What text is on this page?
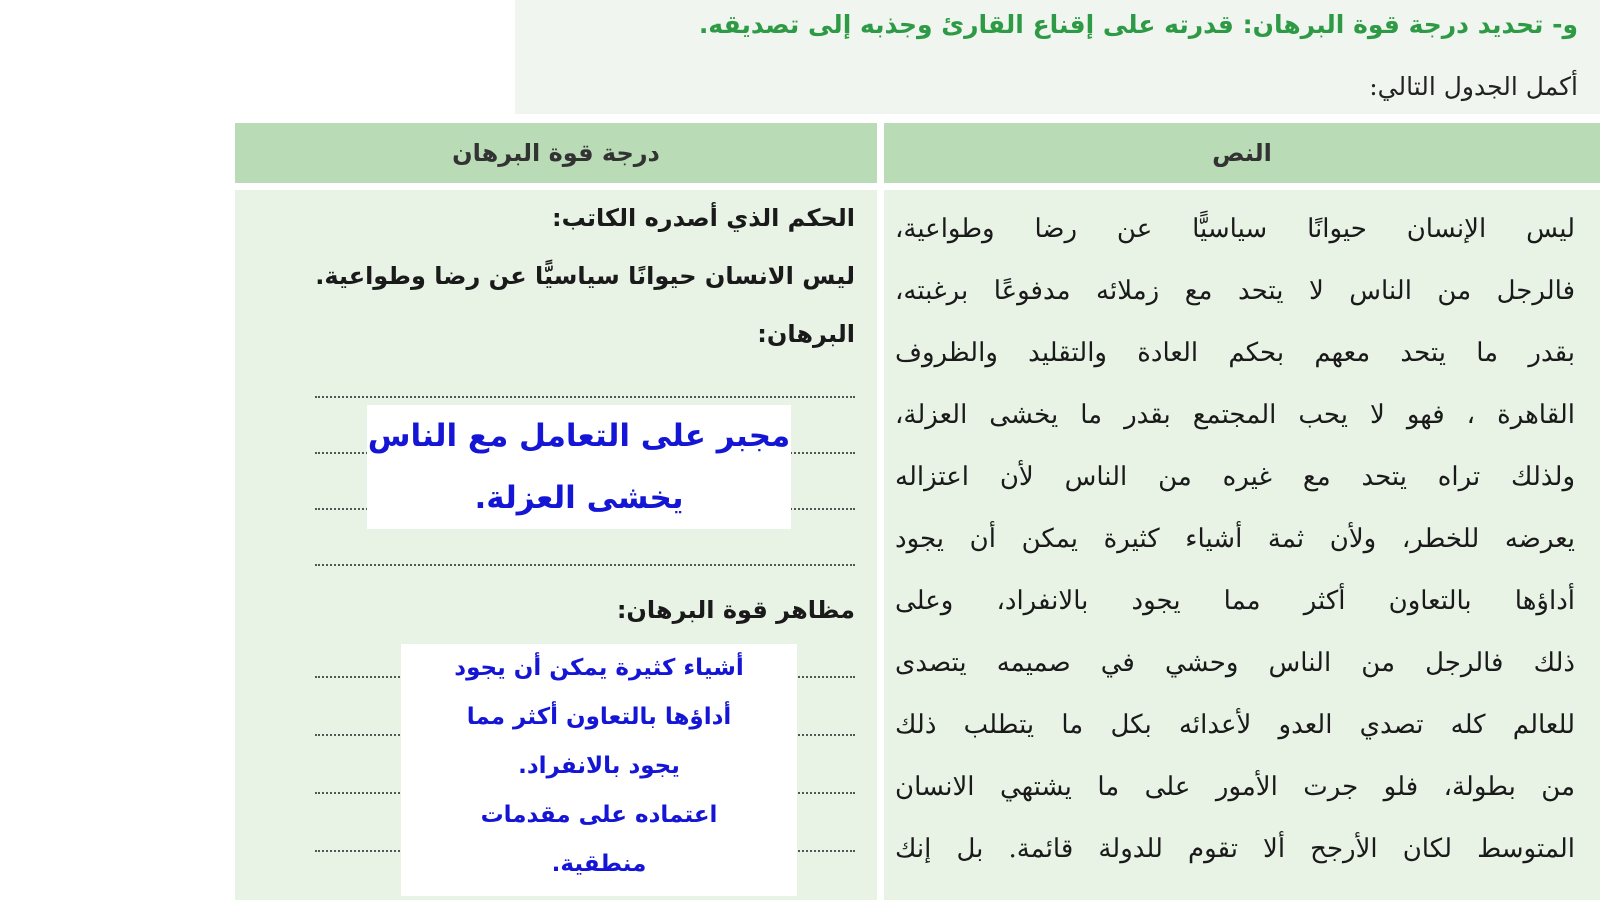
و- تحديد درجة قوة البرهان: قدرته على إقناع القارئ وجذبه إلى تصديقه.
أكمل الجدول التالي:
النص
درجة قوة البرهان
ليس الإنسان حيوانًا سياسيًّا عن رضا وطواعية،
فالرجل من الناس لا يتحد مع زملائه مدفوعًا برغبته،
بقدر ما يتحد معهم بحكم العادة والتقليد والظروف
القاهرة ، فهو لا يحب المجتمع بقدر ما يخشى العزلة،
ولذلك تراه يتحد مع غيره من الناس لأن اعتزاله
يعرضه للخطر، ولأن ثمة أشياء كثيرة يمكن أن يجود
أداؤها بالتعاون أكثر مما يجود بالانفراد، وعلى
ذلك فالرجل من الناس وحشي في صميمه يتصدى
للعالم كله تصدي العدو لأعدائه بكل ما يتطلب ذلك
من بطولة، فلو جرت الأمور على ما يشتهي الانسان
المتوسط لكان الأرجح ألا تقوم للدولة قائمة. بل إنك
الحكم الذي أصدره الكاتب:
ليس الانسان حيوانًا سياسيًّا عن رضا وطواعية.
البرهان:
مجبر على التعامل مع الناس
يخشى العزلة.
مظاهر قوة البرهان:
أشياء كثيرة يمكن أن يجود
أداؤها بالتعاون أكثر مما
يجود بالانفراد.
اعتماده على مقدمات
منطقية.
